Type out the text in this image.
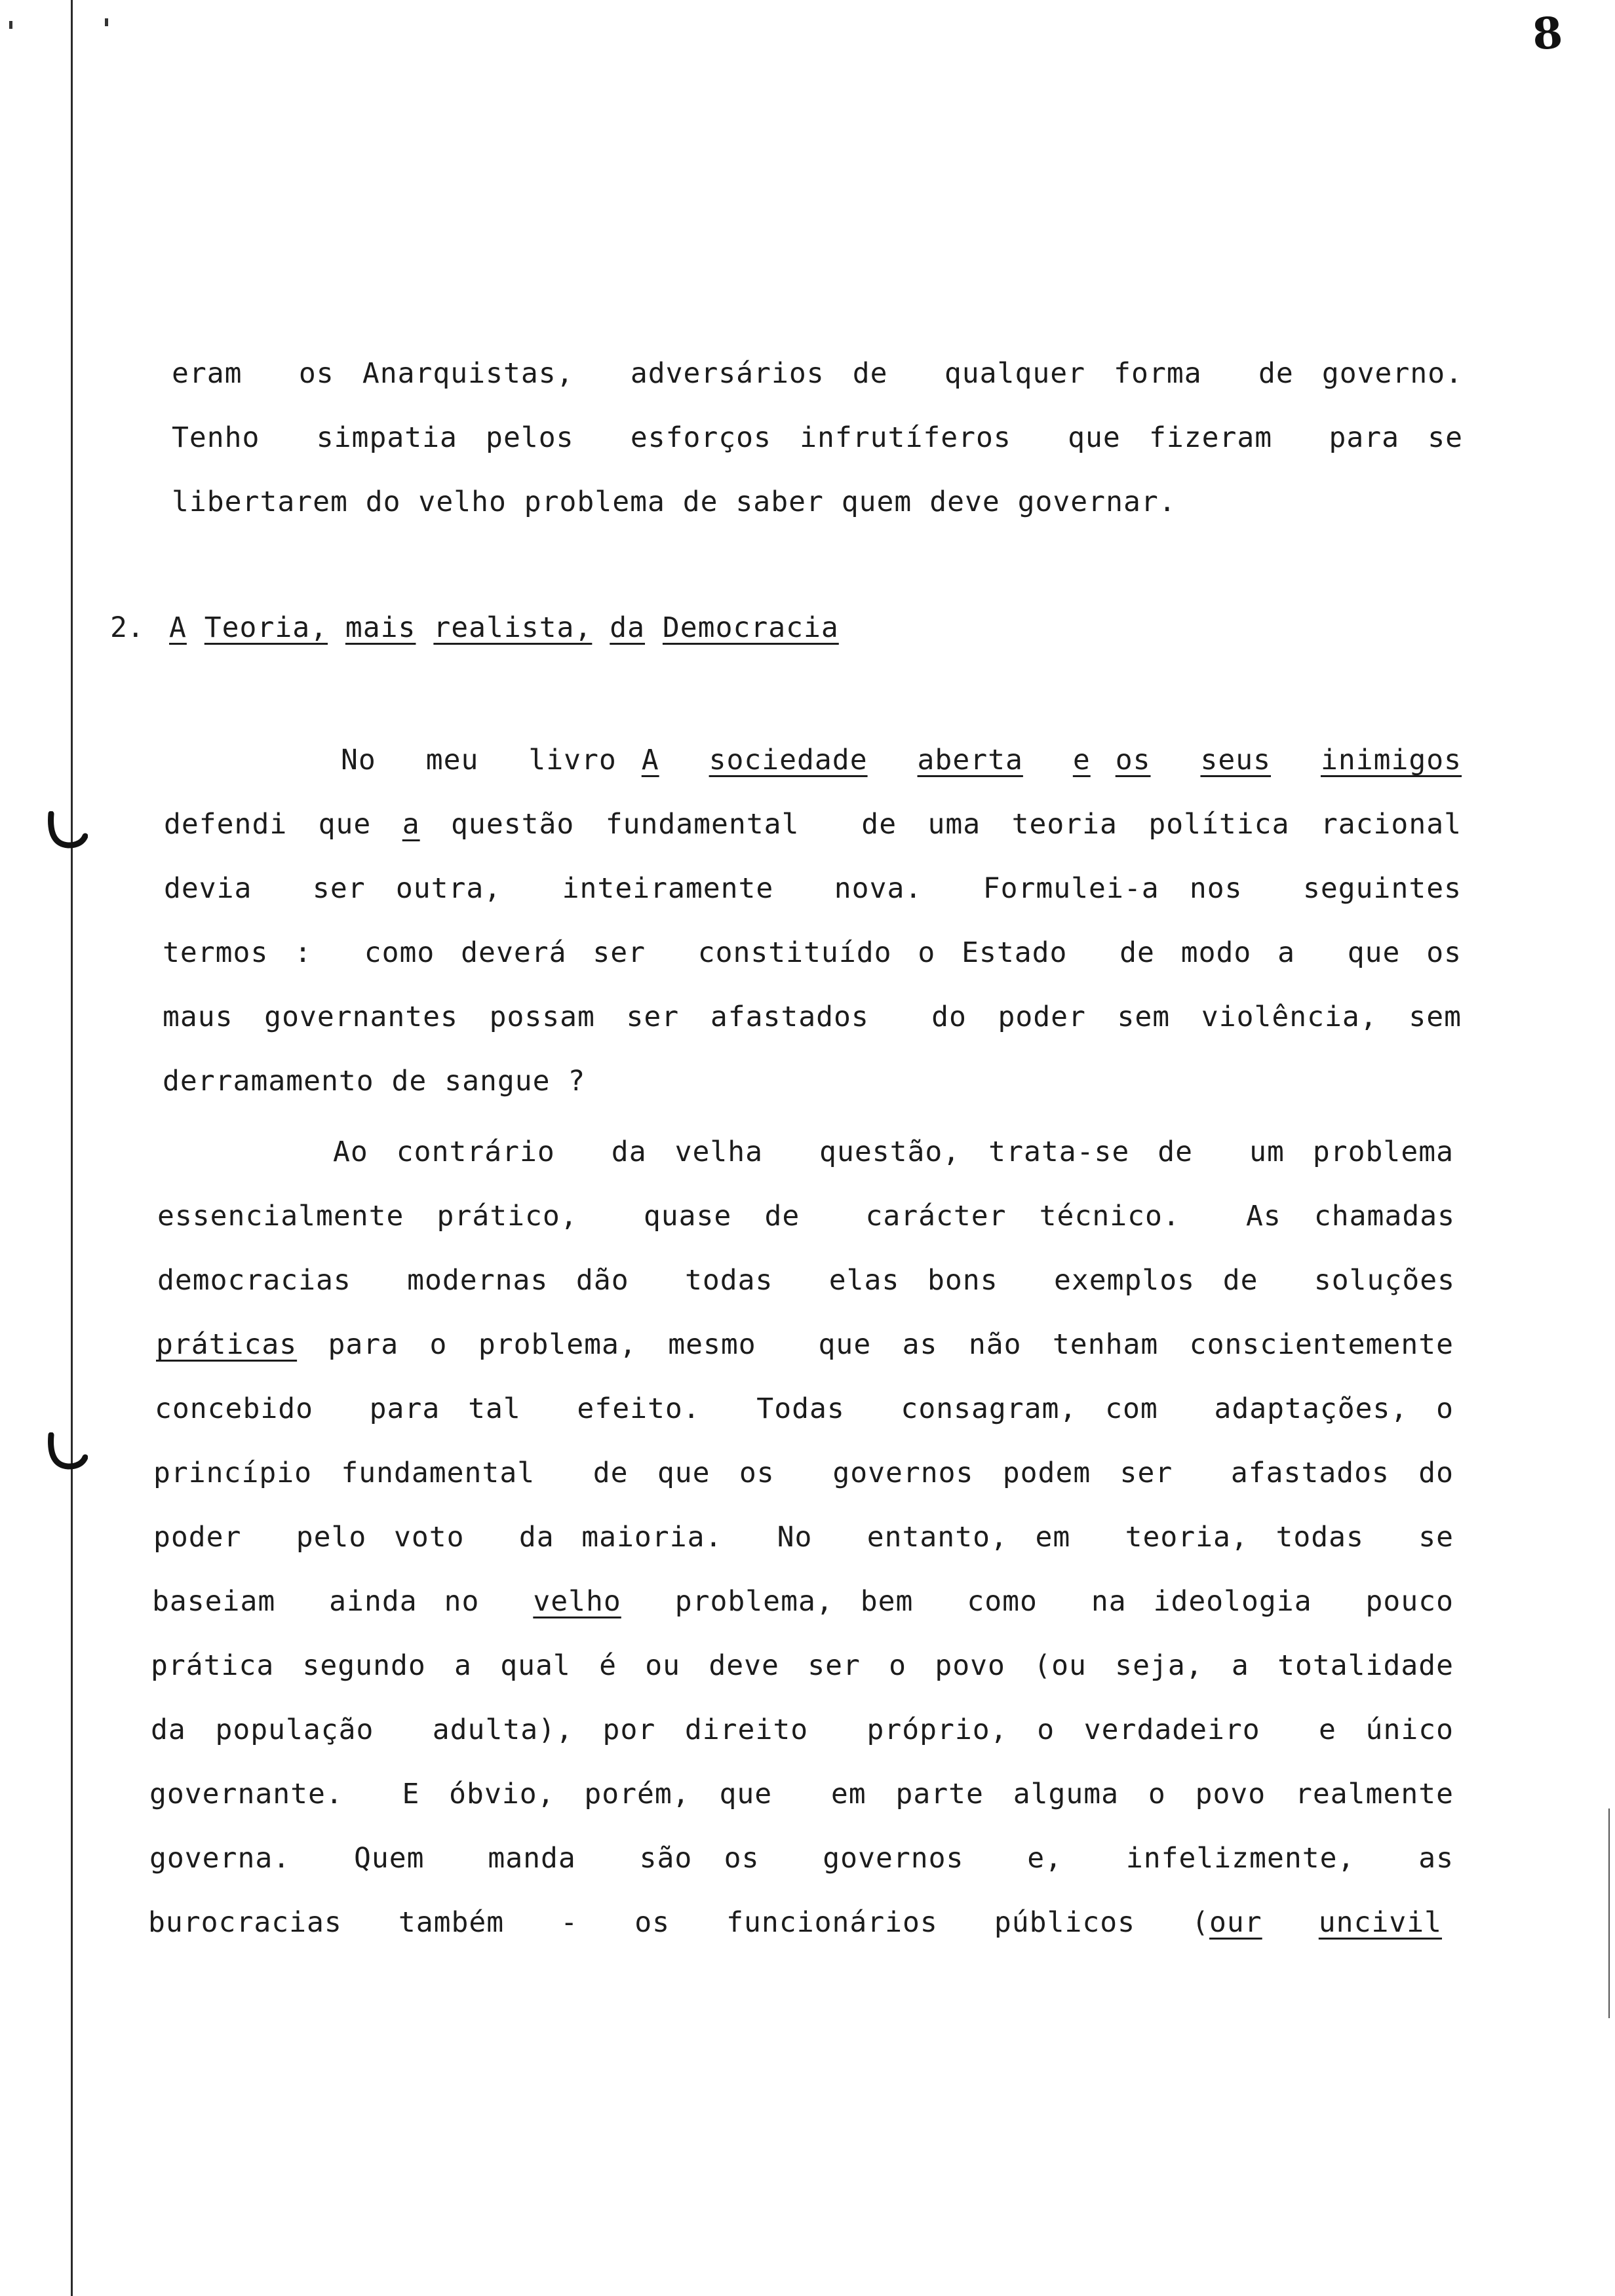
8
eram  os Anarquistas,  adversários de  qualquer forma  de governo.
Tenho  simpatia pelos  esforços infrutíferos  que fizeram  para se
libertarem do velho problema de saber quem deve governar.
2. A Teoria, mais realista, da Democracia
No  meu  livro A sociedade aberta e os seus inimigos
defendi que a questão fundamental  de uma teoria política racional
devia  ser outra,  inteiramente  nova.  Formulei-a nos  seguintes
termos :  como deverá ser  constituído o Estado  de modo a  que os
maus governantes possam ser afastados  do poder sem violência, sem
derramamento de sangue ?
Ao contrário  da velha  questão, trata-se de  um problema
essencialmente prático,  quase de  carácter técnico.  As chamadas
democracias  modernas dão  todas  elas bons  exemplos de  soluções
práticas para o problema, mesmo  que as não tenham conscientemente
concebido  para tal  efeito.  Todas  consagram, com  adaptações, o
princípio fundamental  de que os  governos podem ser  afastados do
poder  pelo voto  da maioria.  No  entanto, em  teoria, todas  se
baseiam  ainda no  velho  problema, bem  como  na ideologia  pouco
prática segundo a qual é ou deve ser o povo (ou seja, a totalidade
da população  adulta), por direito  próprio, o verdadeiro  e único
governante.  E óbvio, porém, que  em parte alguma o povo realmente
governa.  Quem  manda  são os  governos  e,  infelizmente,  as
burocracias  também  -  os  funcionários  públicos  (our uncivil
